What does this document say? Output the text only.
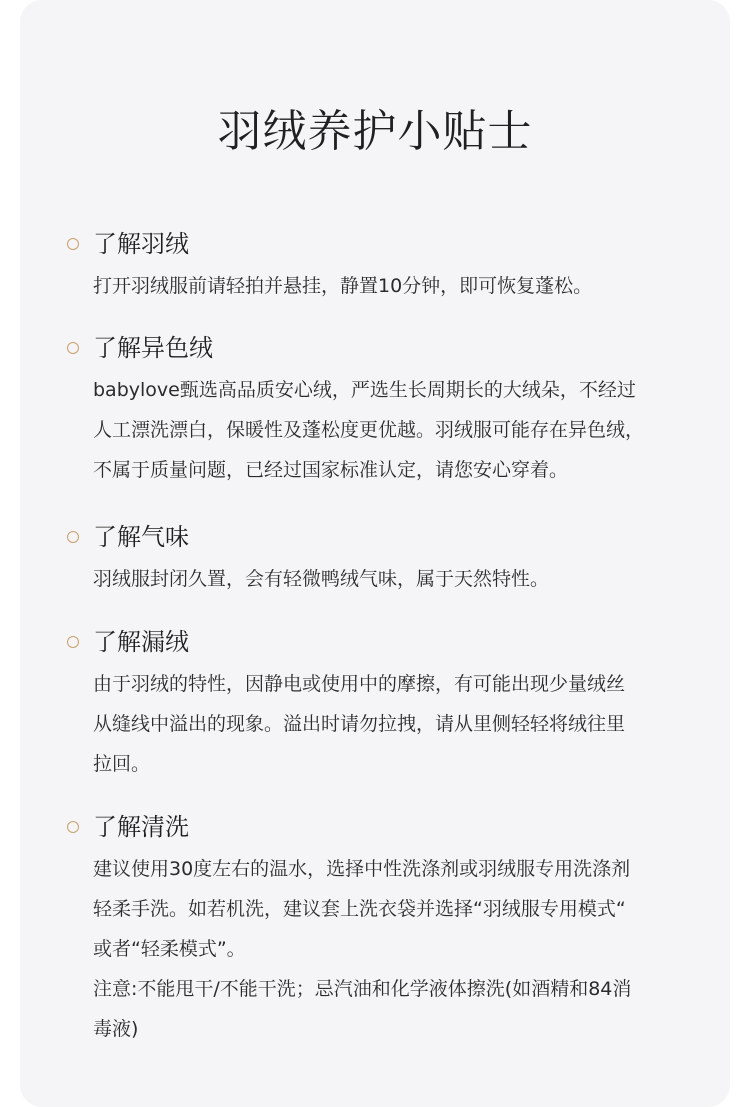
羽绒养护小贴士
了解羽绒
打开羽绒服前请轻拍并悬挂，静置10分钟，即可恢复蓬松。
了解异色绒
babylove甄选高品质安心绒，严选生长周期长的大绒朵，不经过
人工漂洗漂白，保暖性及蓬松度更优越。羽绒服可能存在异色绒，
不属于质量问题，已经过国家标准认定，请您安心穿着。
了解气味
羽绒服封闭久置，会有轻微鸭绒气味，属于天然特性。
了解漏绒
由于羽绒的特性，因静电或使用中的摩擦，有可能出现少量绒丝
从缝线中溢出的现象。溢出时请勿拉拽，请从里侧轻轻将绒往里
拉回。
了解清洗
建议使用30度左右的温水，选择中性洗涤剂或羽绒服专用洗涤剂
轻柔手洗。如若机洗，建议套上洗衣袋并选择“羽绒服专用模式“
或者“轻柔模式”。
注意:不能甩干/不能干洗；忌汽油和化学液体擦洗(如酒精和84消
毒液)
